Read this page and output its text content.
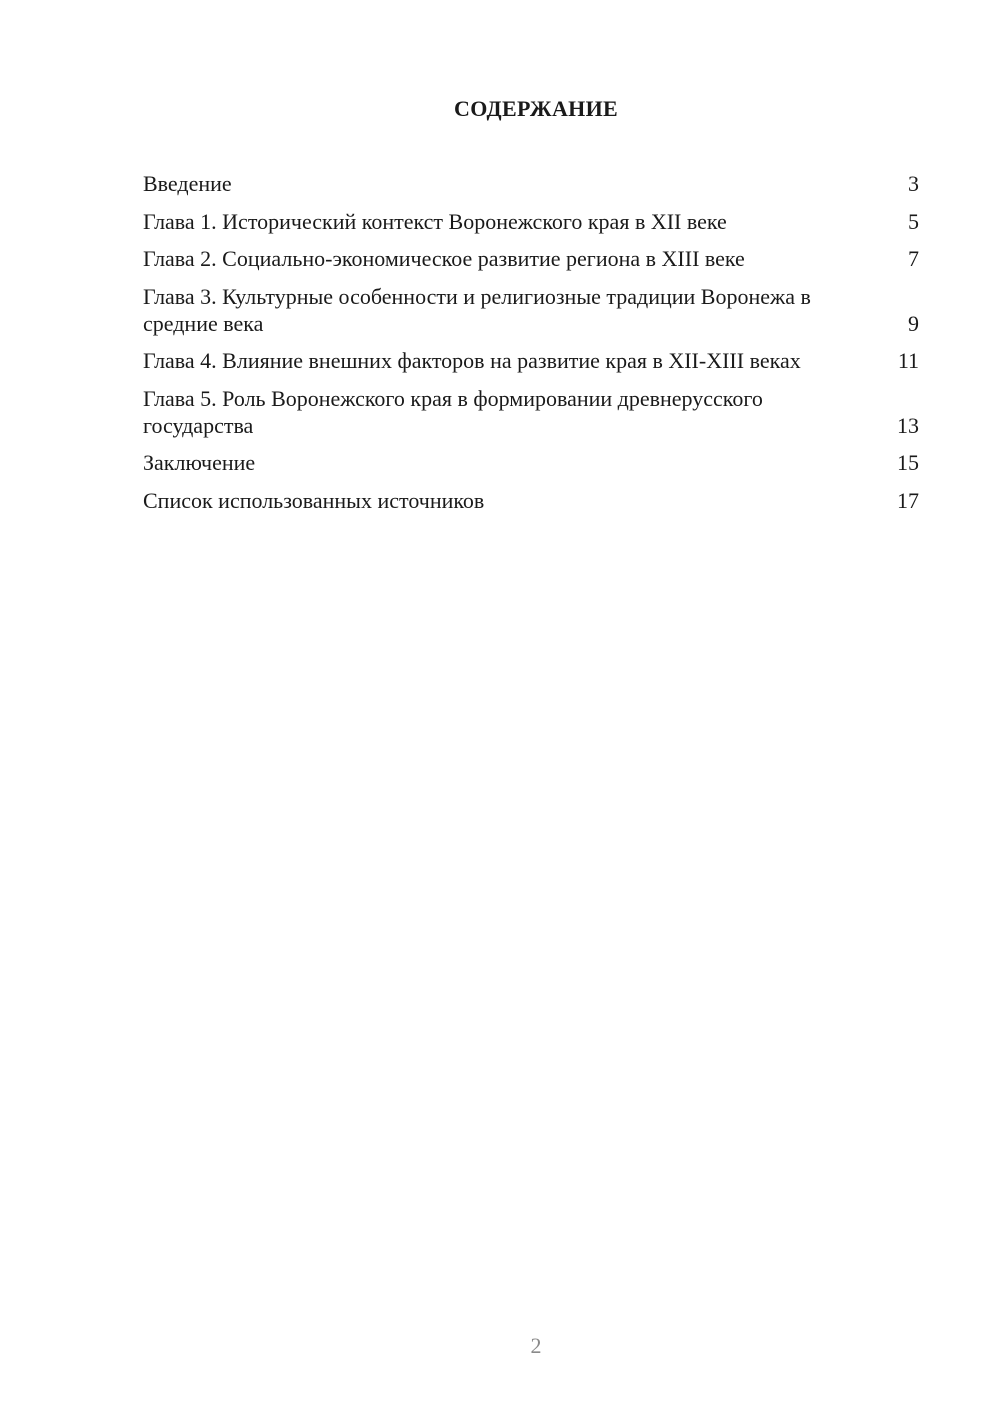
СОДЕРЖАНИЕ
Введение	3
Глава 1. Исторический контекст Воронежского края в XII веке	5
Глава 2. Социально-экономическое развитие региона в XIII веке	7
Глава 3. Культурные особенности и религиозные традиции Воронежа в средние века	9
Глава 4. Влияние внешних факторов на развитие края в XII-XIII веках	11
Глава 5. Роль Воронежского края в формировании древнерусского государства	13
Заключение	15
Список использованных источников	17
2
